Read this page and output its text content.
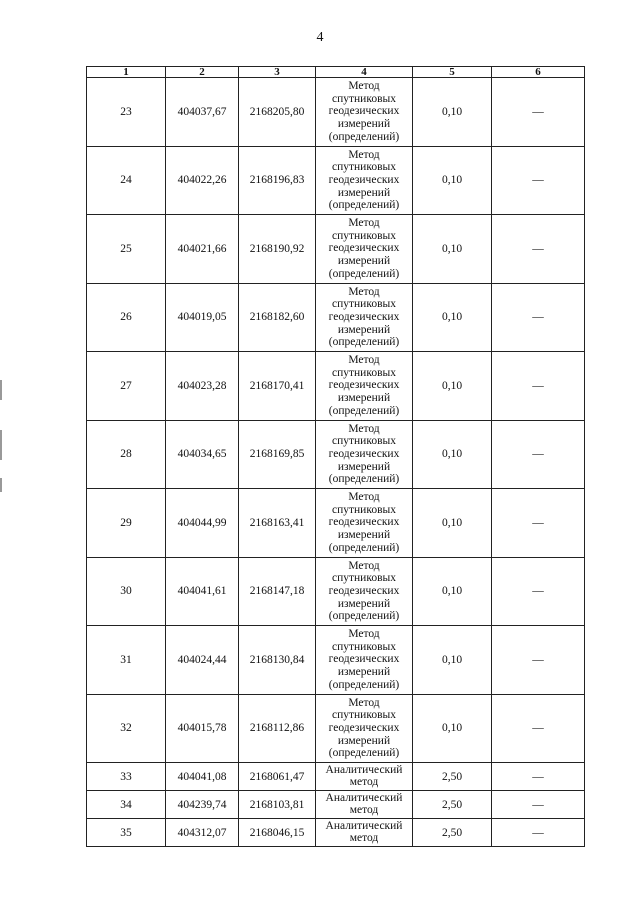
4
1	2	3	4	5	6
23	404037,67	2168205,80	Метод спутниковых геодезических измерений (определений)	0,10	—
24	404022,26	2168196,83	Метод спутниковых геодезических измерений (определений)	0,10	—
25	404021,66	2168190,92	Метод спутниковых геодезических измерений (определений)	0,10	—
26	404019,05	2168182,60	Метод спутниковых геодезических измерений (определений)	0,10	—
27	404023,28	2168170,41	Метод спутниковых геодезических измерений (определений)	0,10	—
28	404034,65	2168169,85	Метод спутниковых геодезических измерений (определений)	0,10	—
29	404044,99	2168163,41	Метод спутниковых геодезических измерений (определений)	0,10	—
30	404041,61	2168147,18	Метод спутниковых геодезических измерений (определений)	0,10	—
31	404024,44	2168130,84	Метод спутниковых геодезических измерений (определений)	0,10	—
32	404015,78	2168112,86	Метод спутниковых геодезических измерений (определений)	0,10	—
33	404041,08	2168061,47	Аналитический метод	2,50	—
34	404239,74	2168103,81	Аналитический метод	2,50	—
35	404312,07	2168046,15	Аналитический метод	2,50	—
